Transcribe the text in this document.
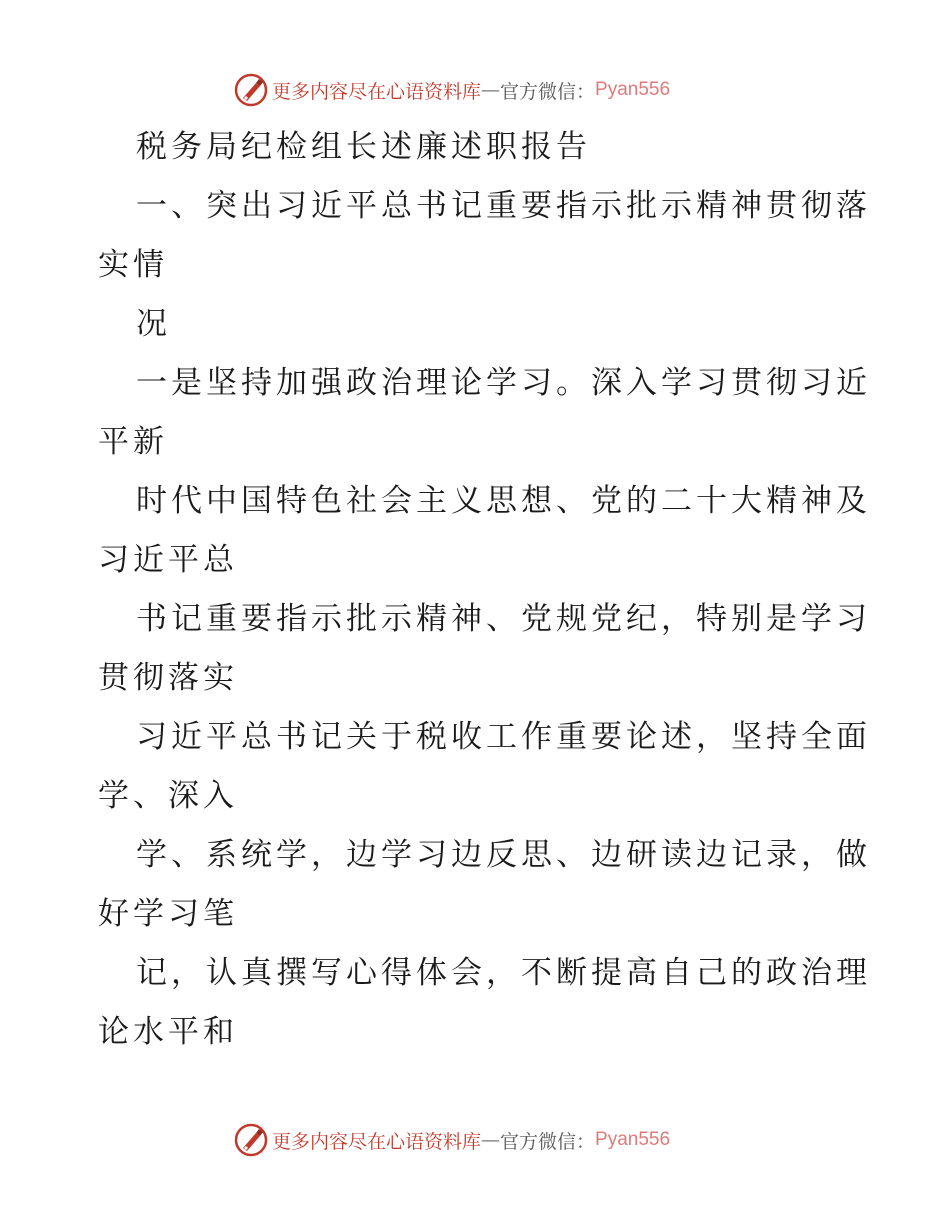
更多内容尽在心语资料库 — 官方微信： Pyan556
税务局纪检组长述廉述职报告
一、突出习近平总书记重要指示批示精神贯彻落
实情
况
一是坚持加强政治理论学习。深入学习贯彻习近
平新
时代中国特色社会主义思想、党的二十大精神及
习近平总
书记重要指示批示精神、党规党纪，特别是学习
贯彻落实
习近平总书记关于税收工作重要论述，坚持全面
学、深入
学、系统学，边学习边反思、边研读边记录，做
好学习笔
记，认真撰写心得体会，不断提高自己的政治理
论水平和
更多内容尽在心语资料库 — 官方微信： Pyan556
